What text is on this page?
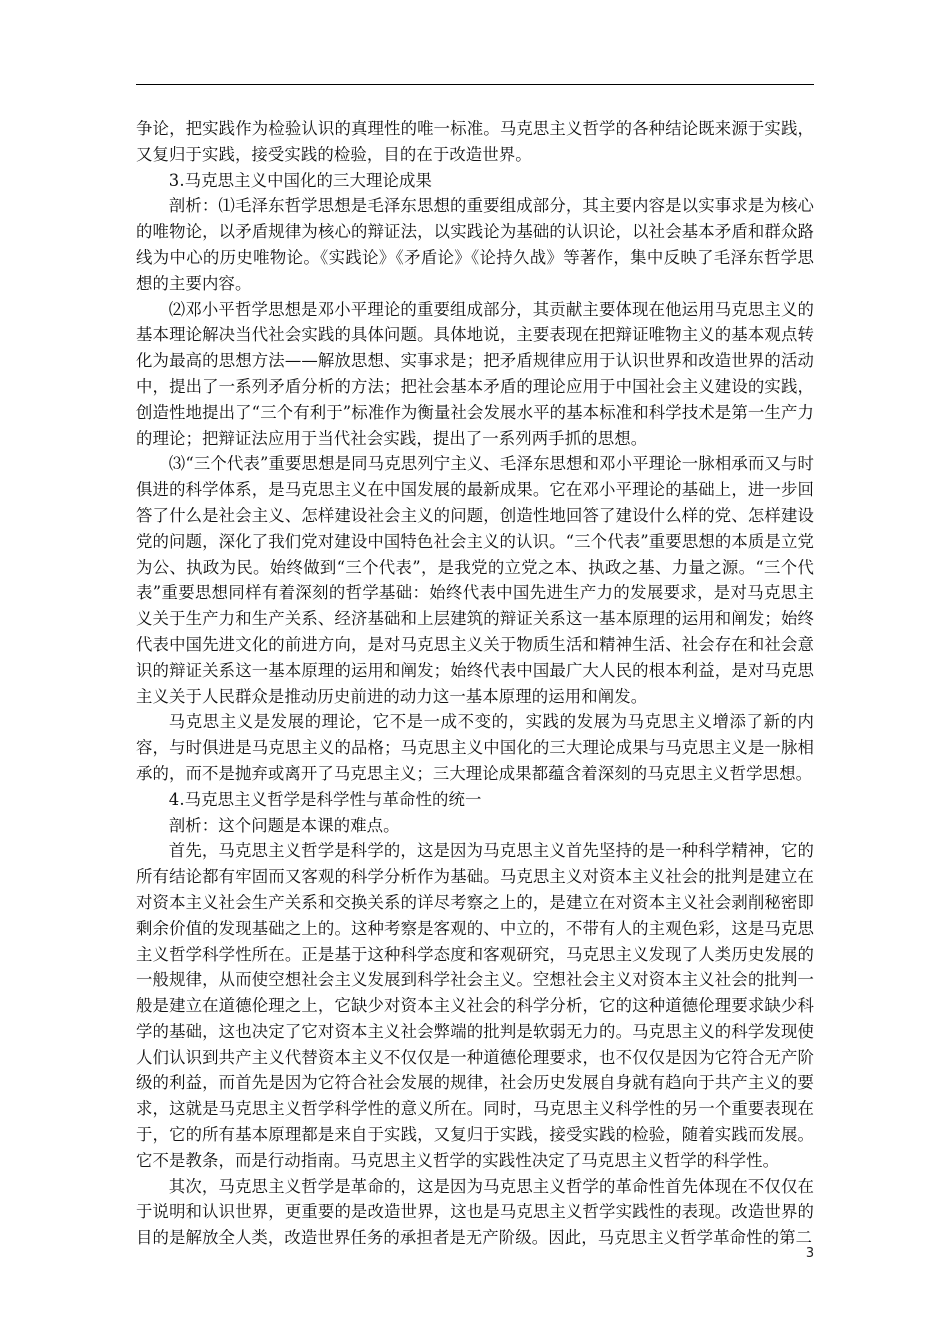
争论，把实践作为检验认识的真理性的唯一标准。马克思主义哲学的各种结论既来源于实践，又复归于实践，接受实践的检验，目的在于改造世界。

3.马克思主义中国化的三大理论成果

剖析：⑴毛泽东哲学思想是毛泽东思想的重要组成部分，其主要内容是以实事求是为核心的唯物论，以矛盾规律为核心的辩证法，以实践论为基础的认识论，以社会基本矛盾和群众路线为中心的历史唯物论。《实践论》《矛盾论》《论持久战》等著作，集中反映了毛泽东哲学思想的主要内容。

⑵邓小平哲学思想是邓小平理论的重要组成部分，其贡献主要体现在他运用马克思主义的基本理论解决当代社会实践的具体问题。具体地说，主要表现在把辩证唯物主义的基本观点转化为最高的思想方法——解放思想、实事求是；把矛盾规律应用于认识世界和改造世界的活动中，提出了一系列矛盾分析的方法；把社会基本矛盾的理论应用于中国社会主义建设的实践，创造性地提出了“三个有利于”标准作为衡量社会发展水平的基本标准和科学技术是第一生产力的理论；把辩证法应用于当代社会实践，提出了一系列两手抓的思想。

⑶“三个代表”重要思想是同马克思列宁主义、毛泽东思想和邓小平理论一脉相承而又与时俱进的科学体系，是马克思主义在中国发展的最新成果。它在邓小平理论的基础上，进一步回答了什么是社会主义、怎样建设社会主义的问题，创造性地回答了建设什么样的党、怎样建设党的问题，深化了我们党对建设中国特色社会主义的认识。“三个代表”重要思想的本质是立党为公、执政为民。始终做到“三个代表”，是我党的立党之本、执政之基、力量之源。“三个代表”重要思想同样有着深刻的哲学基础：始终代表中国先进生产力的发展要求，是对马克思主义关于生产力和生产关系、经济基础和上层建筑的辩证关系这一基本原理的运用和阐发；始终代表中国先进文化的前进方向，是对马克思主义关于物质生活和精神生活、社会存在和社会意识的辩证关系这一基本原理的运用和阐发；始终代表中国最广大人民的根本利益，是对马克思主义关于人民群众是推动历史前进的动力这一基本原理的运用和阐发。

马克思主义是发展的理论，它不是一成不变的，实践的发展为马克思主义增添了新的内容，与时俱进是马克思主义的品格；马克思主义中国化的三大理论成果与马克思主义是一脉相承的，而不是抛弃或离开了马克思主义；三大理论成果都蕴含着深刻的马克思主义哲学思想。

4.马克思主义哲学是科学性与革命性的统一

剖析：这个问题是本课的难点。

首先，马克思主义哲学是科学的，这是因为马克思主义首先坚持的是一种科学精神，它的所有结论都有牢固而又客观的科学分析作为基础。马克思主义对资本主义社会的批判是建立在对资本主义社会生产关系和交换关系的详尽考察之上的，是建立在对资本主义社会剥削秘密即剩余价值的发现基础之上的。这种考察是客观的、中立的，不带有人的主观色彩，这是马克思主义哲学科学性所在。正是基于这种科学态度和客观研究，马克思主义发现了人类历史发展的一般规律，从而使空想社会主义发展到科学社会主义。空想社会主义对资本主义社会的批判一般是建立在道德伦理之上，它缺少对资本主义社会的科学分析，它的这种道德伦理要求缺少科学的基础，这也决定了它对资本主义社会弊端的批判是软弱无力的。马克思主义的科学发现使人们认识到共产主义代替资本主义不仅仅是一种道德伦理要求，也不仅仅是因为它符合无产阶级的利益，而首先是因为它符合社会发展的规律，社会历史发展自身就有趋向于共产主义的要求，这就是马克思主义哲学科学性的意义所在。同时，马克思主义科学性的另一个重要表现在于，它的所有基本原理都是来自于实践，又复归于实践，接受实践的检验，随着实践而发展。它不是教条，而是行动指南。马克思主义哲学的实践性决定了马克思主义哲学的科学性。

其次，马克思主义哲学是革命的，这是因为马克思主义哲学的革命性首先体现在不仅仅在于说明和认识世界，更重要的是改造世界，这也是马克思主义哲学实践性的表现。改造世界的目的是解放全人类，改造世界任务的承担者是无产阶级。因此，马克思主义哲学革命性的第二

3
